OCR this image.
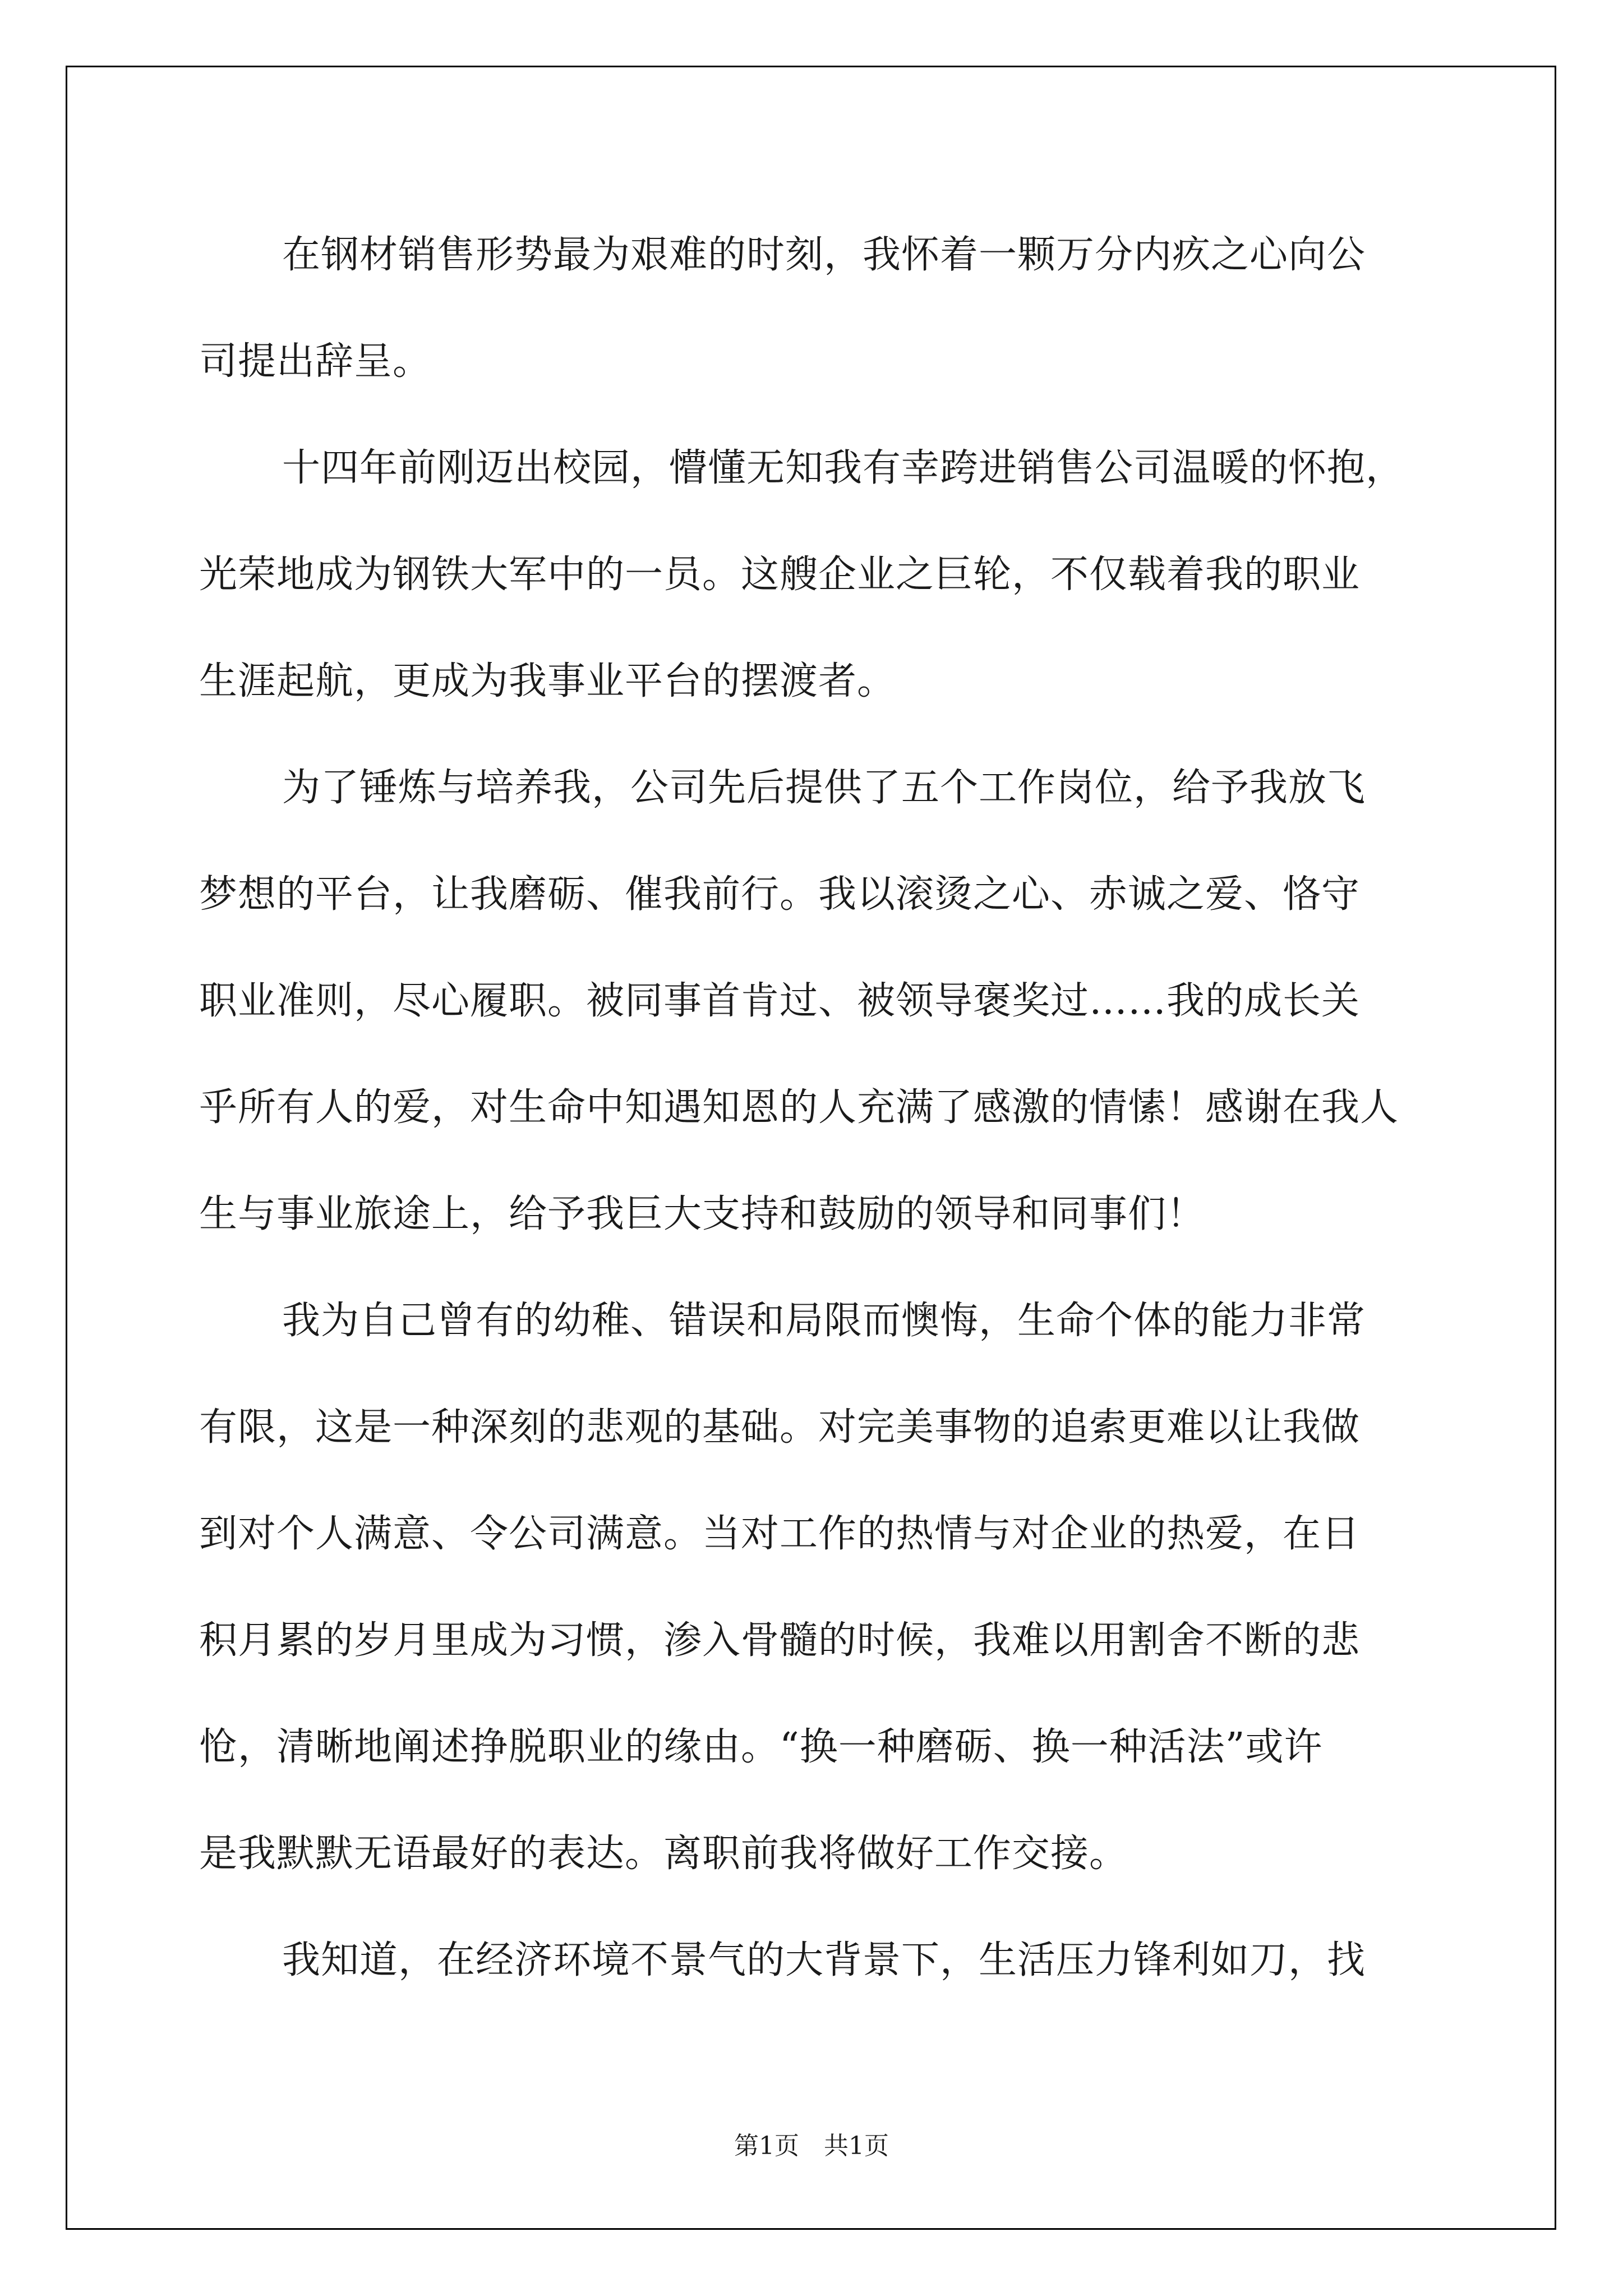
在钢材销售形势最为艰难的时刻，我怀着一颗万分内疚之心向公
司提出辞呈。
十四年前刚迈出校园，懵懂无知我有幸跨进销售公司温暖的怀抱，
光荣地成为钢铁大军中的一员。这艘企业之巨轮，不仅载着我的职业
生涯起航，更成为我事业平台的摆渡者。
为了锤炼与培养我，公司先后提供了五个工作岗位，给予我放飞
梦想的平台，让我磨砺、催我前行。我以滚烫之心、赤诚之爱、恪守
职业准则，尽心履职。被同事首肯过、被领导褒奖过……我的成长关
乎所有人的爱，对生命中知遇知恩的人充满了感激的情愫！感谢在我人
生与事业旅途上，给予我巨大支持和鼓励的领导和同事们！
我为自己曾有的幼稚、错误和局限而懊悔，生命个体的能力非常
有限，这是一种深刻的悲观的基础。对完美事物的追索更难以让我做
到对个人满意、令公司满意。当对工作的热情与对企业的热爱，在日
积月累的岁月里成为习惯，渗入骨髓的时候，我难以用割舍不断的悲
怆，清晰地阐述挣脱职业的缘由。“换一种磨砺、换一种活法”或许
是我默默无语最好的表达。离职前我将做好工作交接。
我知道，在经济环境不景气的大背景下，生活压力锋利如刀，找
第1页　共1页
